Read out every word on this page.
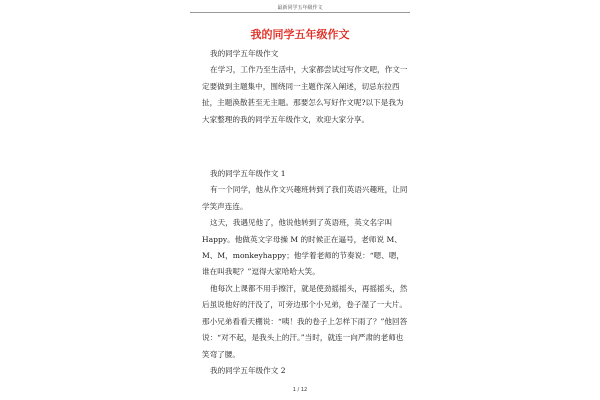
最新同学五年级作文
我的同学五年级作文

我的同学五年级作文

在学习，工作乃至生活中，大家都尝试过写作文吧，作文一定要做到主题集中，围绕同一主题作深入阐述，切忌东拉西扯，主题涣散甚至无主题。那要怎么写好作文呢?以下是我为大家整理的我的同学五年级作文，欢迎大家分享。

我的同学五年级作文 1

有一个同学，他从作文兴趣班转到了我们英语兴趣班，让同学笑声连连。

这天，我遇见他了，他说他转到了英语班，英文名字叫 Happy。他做英文字母操 M 的时候正在逼号，老师说 M、M、M，monkeyhappy；他学着老师的节奏说：“嗯、嗯，谁在叫我呢？”逗得大家哈哈大笑。

他每次上课都不用手擦汗，就是使劲摇摇头，再摇摇头，然后虽说他好的汗没了，可旁边那个小兄弟，卷子湿了一大片。那小兄弟看看天棚说：“咦！我的卷子上怎样下雨了？”他回答说：“对不起，是我头上的汗。”当时，就连一向严肃的老师也笑弯了腰。

我的同学五年级作文 2

1 / 12
